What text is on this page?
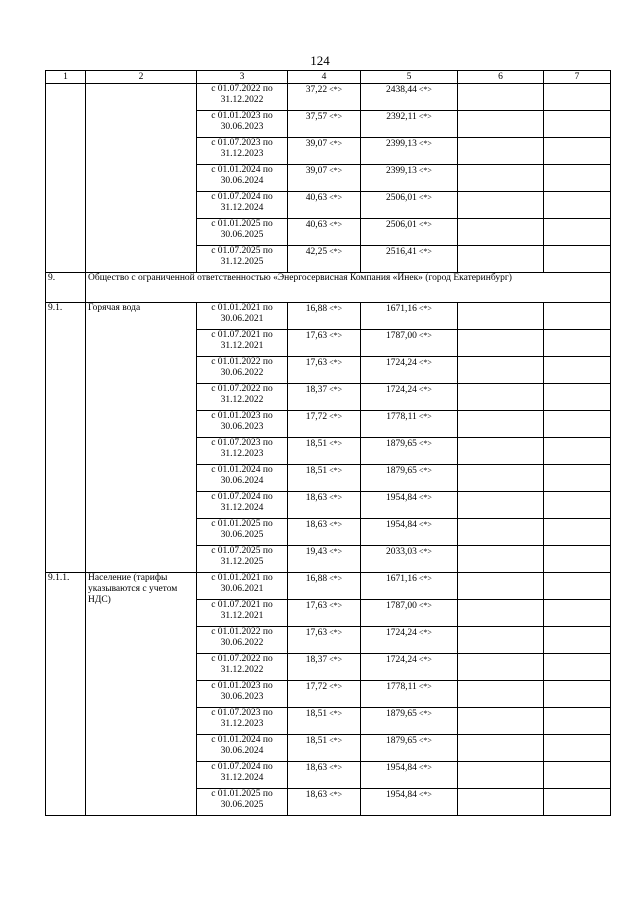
124
1	2	3	4	5	6	7
		с 01.07.2022 по 31.12.2022	37,22 <*>	2438,44 <*>		
		с 01.01.2023 по 30.06.2023	37,57 <*>	2392,11 <*>		
		с 01.07.2023 по 31.12.2023	39,07 <*>	2399,13 <*>		
		с 01.01.2024 по 30.06.2024	39,07 <*>	2399,13 <*>		
		с 01.07.2024 по 31.12.2024	40,63 <*>	2506,01 <*>		
		с 01.01.2025 по 30.06.2025	40,63 <*>	2506,01 <*>		
		с 01.07.2025 по 31.12.2025	42,25 <*>	2516,41 <*>		
9.	Общество с ограниченной ответственностью «Энергосервисная Компания «Инек» (город Екатеринбург)					
9.1.	Горячая вода	с 01.01.2021 по 30.06.2021	16,88 <*>	1671,16 <*>		
		с 01.07.2021 по 31.12.2021	17,63 <*>	1787,00 <*>		
		с 01.01.2022 по 30.06.2022	17,63 <*>	1724,24 <*>		
		с 01.07.2022 по 31.12.2022	18,37 <*>	1724,24 <*>		
		с 01.01.2023 по 30.06.2023	17,72 <*>	1778,11 <*>		
		с 01.07.2023 по 31.12.2023	18,51 <*>	1879,65 <*>		
		с 01.01.2024 по 30.06.2024	18,51 <*>	1879,65 <*>		
		с 01.07.2024 по 31.12.2024	18,63 <*>	1954,84 <*>		
		с 01.01.2025 по 30.06.2025	18,63 <*>	1954,84 <*>		
		с 01.07.2025 по 31.12.2025	19,43 <*>	2033,03 <*>		
9.1.1.	Население (тарифы указываются с учетом НДС)	с 01.01.2021 по 30.06.2021	16,88 <*>	1671,16 <*>		
		с 01.07.2021 по 31.12.2021	17,63 <*>	1787,00 <*>		
		с 01.01.2022 по 30.06.2022	17,63 <*>	1724,24 <*>		
		с 01.07.2022 по 31.12.2022	18,37 <*>	1724,24 <*>		
		с 01.01.2023 по 30.06.2023	17,72 <*>	1778,11 <*>		
		с 01.07.2023 по 31.12.2023	18,51 <*>	1879,65 <*>		
		с 01.01.2024 по 30.06.2024	18,51 <*>	1879,65 <*>		
		с 01.07.2024 по 31.12.2024	18,63 <*>	1954,84 <*>		
		с 01.01.2025 по 30.06.2025	18,63 <*>	1954,84 <*>		
